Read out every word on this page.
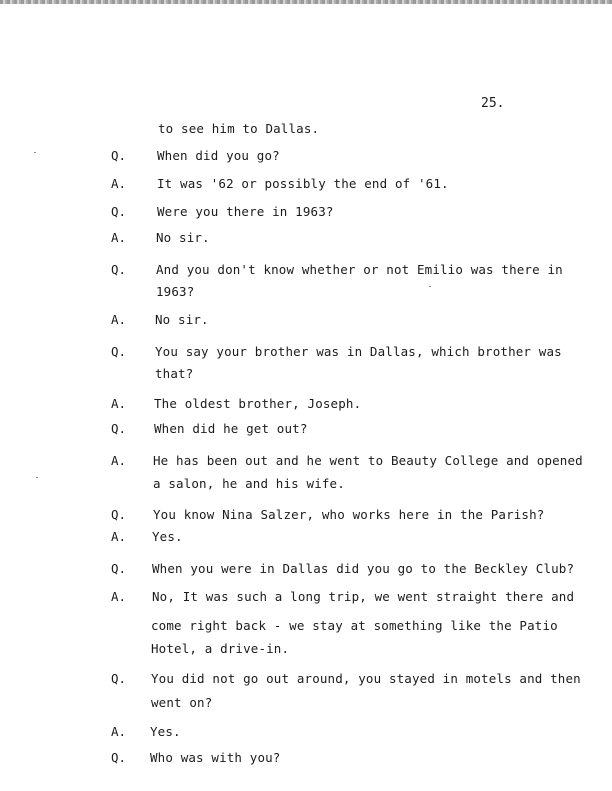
25.
to see him to Dallas.
Q. When did you go?
A. It was '62 or possibly the end of '61.
Q. Were you there in 1963?
A. No sir.
Q. And you don't know whether or not Emilio was there in
1963?
A. No sir.
Q. You say your brother was in Dallas, which brother was
that?
A. The oldest brother, Joseph.
Q. When did he get out?
A. He has been out and he went to Beauty College and opened
a salon, he and his wife.
Q. You know Nina Salzer, who works here in the Parish?
A. Yes.
Q. When you were in Dallas did you go to the Beckley Club?
A. No, It was such a long trip, we went straight there and
come right back - we stay at something like the Patio
Hotel, a drive-in.
Q. You did not go out around, you stayed in motels and then
went on?
A. Yes.
Q. Who was with you?
